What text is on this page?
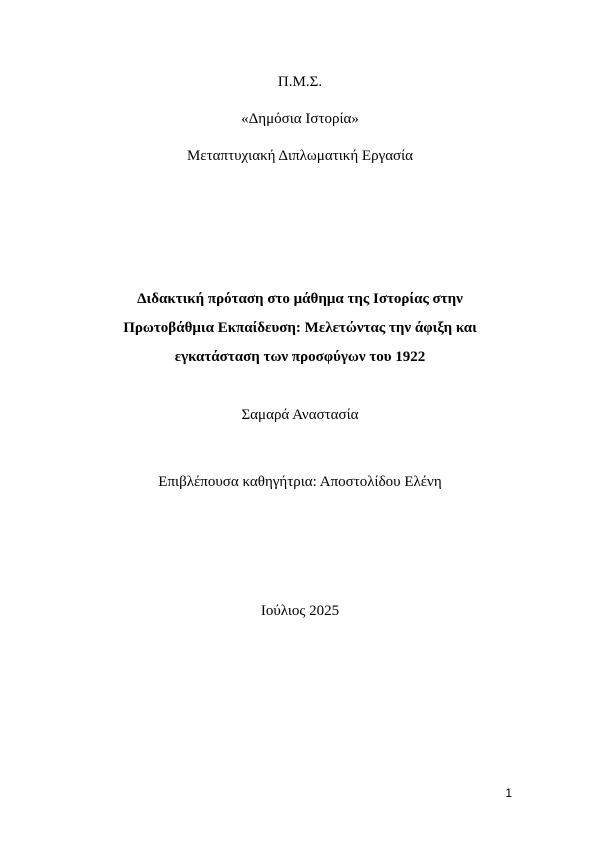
Π.Μ.Σ.
«Δημόσια Ιστορία»
Μεταπτυχιακή Διπλωματική Εργασία
Διδακτική πρόταση στο μάθημα της Ιστορίας στην
Πρωτοβάθμια Εκπαίδευση: Μελετώντας την άφιξη και
εγκατάσταση των προσφύγων του 1922
Σαμαρά Αναστασία
Επιβλέπουσα καθηγήτρια: Αποστολίδου Ελένη
Ιούλιος 2025
1
